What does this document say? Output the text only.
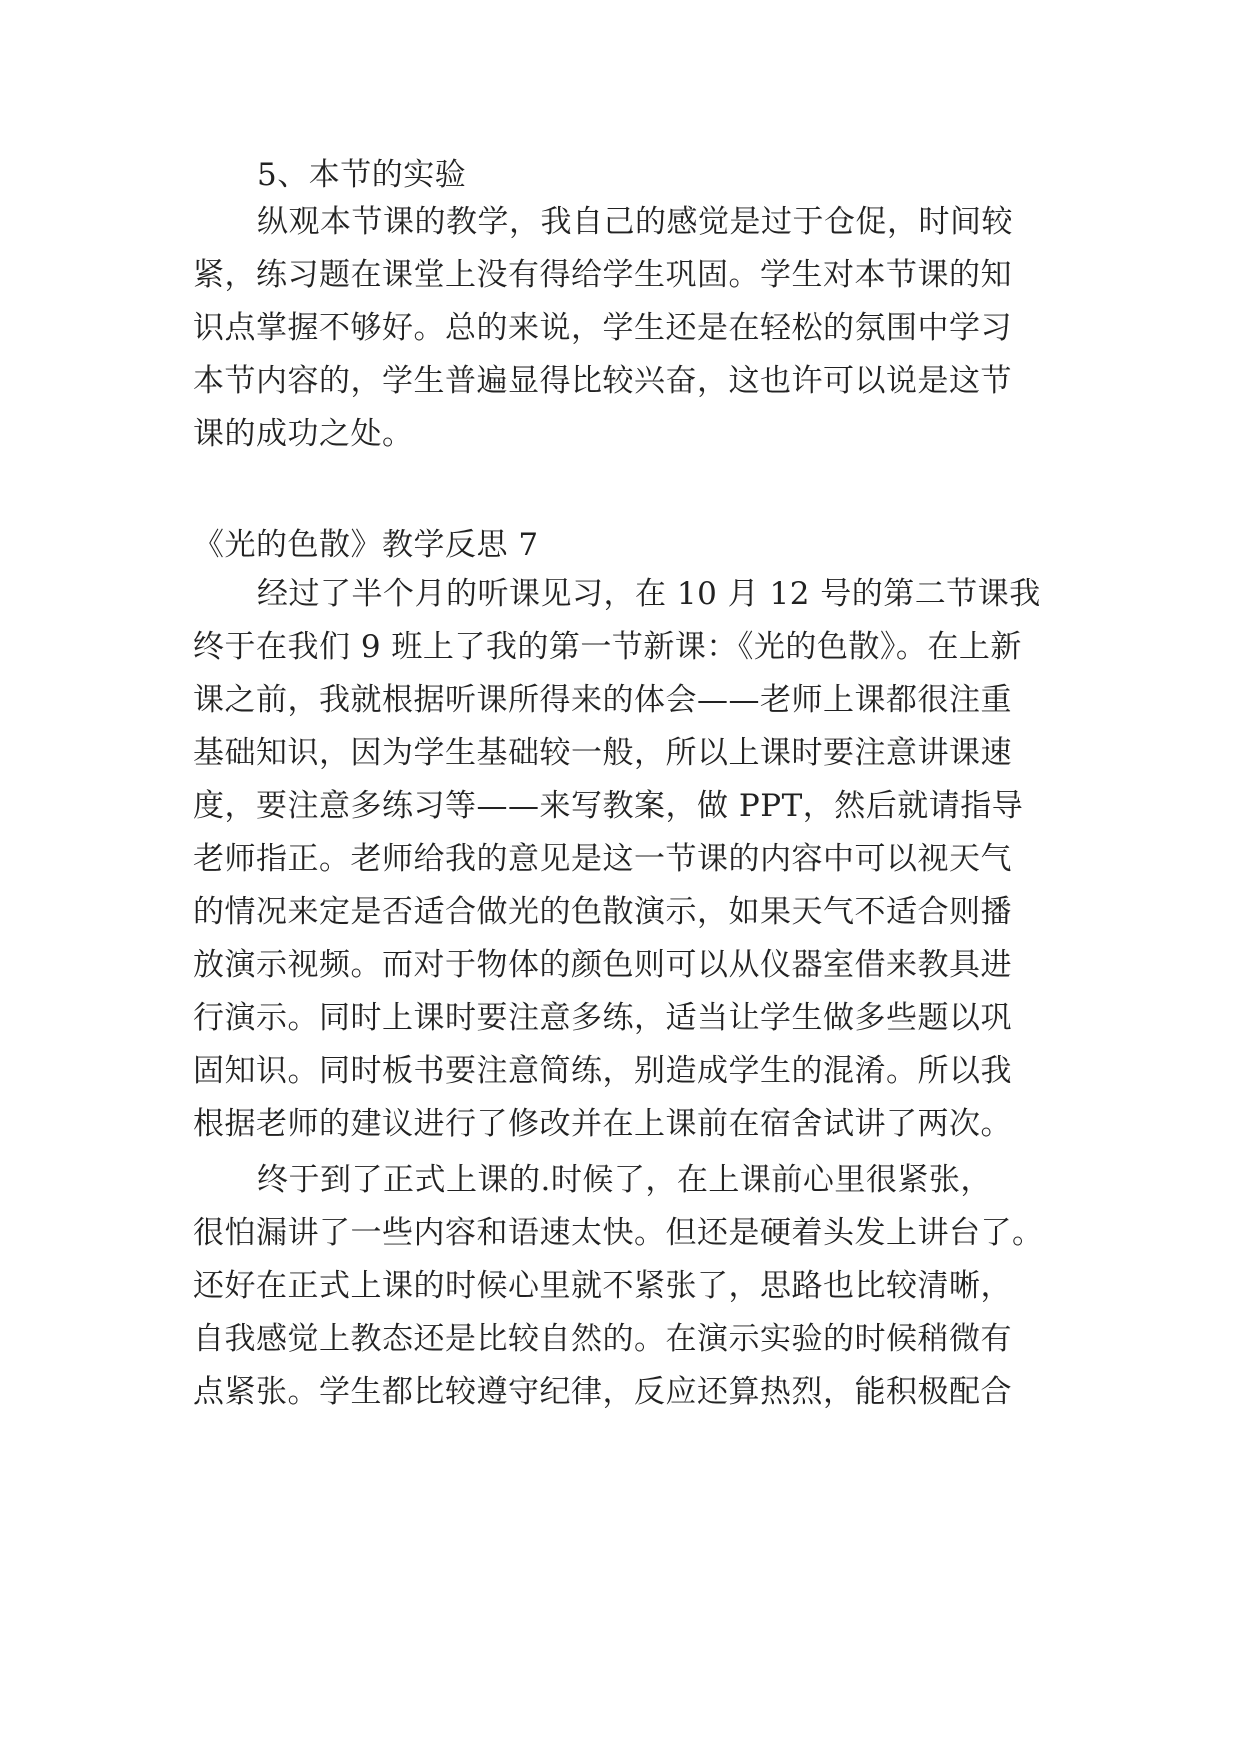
5、本节的实验
纵观本节课的教学，我自己的感觉是过于仓促，时间较
紧，练习题在课堂上没有得给学生巩固。学生对本节课的知
识点掌握不够好。总的来说，学生还是在轻松的氛围中学习
本节内容的，学生普遍显得比较兴奋，这也许可以说是这节
课的成功之处。
《光的色散》教学反思 7
经过了半个月的听课见习，在 10 月 12 号的第二节课我
终于在我们 9 班上了我的第一节新课：《光的色散》。在上新
课之前，我就根据听课所得来的体会——老师上课都很注重
基础知识，因为学生基础较一般，所以上课时要注意讲课速
度，要注意多练习等——来写教案，做 PPT，然后就请指导
老师指正。老师给我的意见是这一节课的内容中可以视天气
的情况来定是否适合做光的色散演示，如果天气不适合则播
放演示视频。而对于物体的颜色则可以从仪器室借来教具进
行演示。同时上课时要注意多练，适当让学生做多些题以巩
固知识。同时板书要注意简练，别造成学生的混淆。所以我
根据老师的建议进行了修改并在上课前在宿舍试讲了两次。
终于到了正式上课的.时候了，在上课前心里很紧张，
很怕漏讲了一些内容和语速太快。但还是硬着头发上讲台了。
还好在正式上课的时候心里就不紧张了，思路也比较清晰，
自我感觉上教态还是比较自然的。在演示实验的时候稍微有
点紧张。学生都比较遵守纪律，反应还算热烈，能积极配合
